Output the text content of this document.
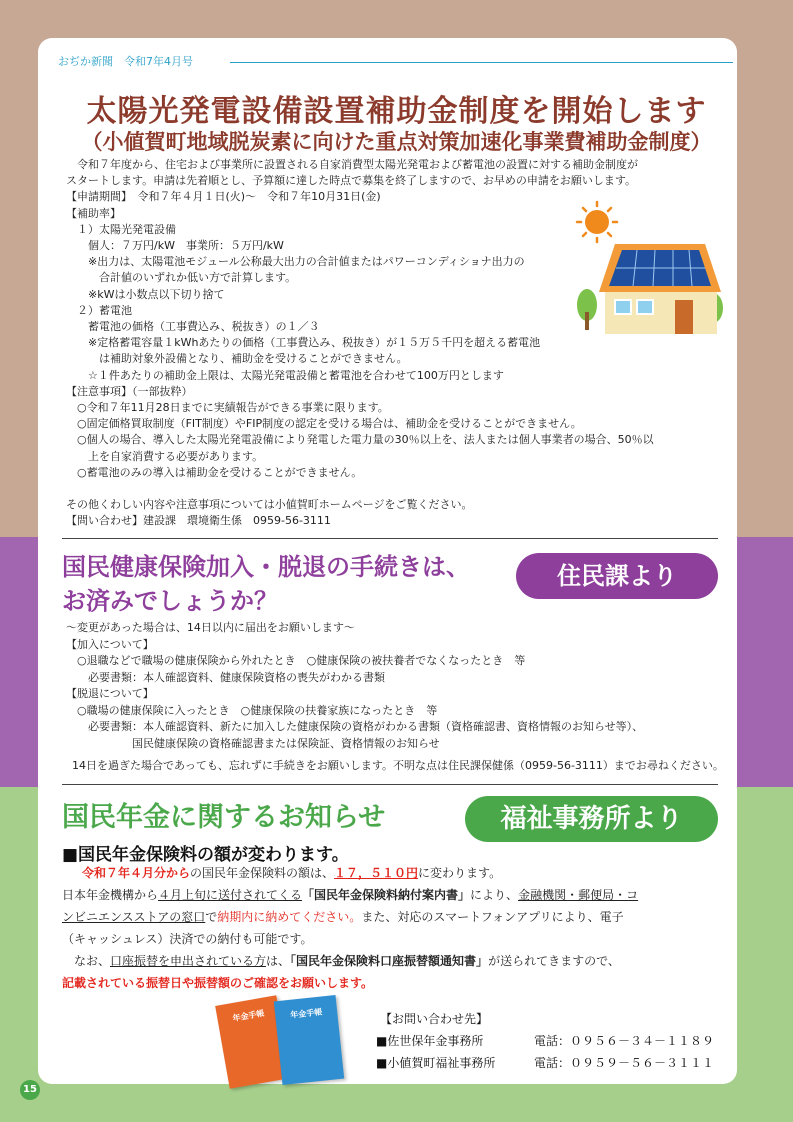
おぢか新聞　令和7年4月号
太陽光発電設備設置補助金制度を開始します
（小値賀町地域脱炭素に向けた重点対策加速化事業費補助金制度）
　令和７年度から、住宅および事業所に設置される自家消費型太陽光発電および蓄電池の設置に対する補助金制度が
スタートします。申請は先着順とし、予算額に達した時点で募集を終了しますので、お早めの申請をお願いします。
【申請期間】　令和７年４月１日(火)～　令和７年10月31日(金)
【補助率】
　１）太陽光発電設備
　　個人：７万円/kW　事業所：５万円/kW
　　※出力は、太陽電池モジュール公称最大出力の合計値またはパワーコンディショナ出力の
　　　合計値のいずれか低い方で計算します。
　　※kWは小数点以下切り捨て
　２）蓄電池
　　蓄電池の価格（工事費込み、税抜き）の１／３
　　※定格蓄電容量１kWhあたりの価格（工事費込み、税抜き）が１５万５千円を超える蓄電池
　　　は補助対象外設備となり、補助金を受けることができません。
　　☆１件あたりの補助金上限は、太陽光発電設備と蓄電池を合わせて100万円とします
【注意事項】（一部抜粋）
　○令和７年11月28日までに実績報告ができる事業に限ります。
　○固定価格買取制度（FIT制度）やFIP制度の認定を受ける場合は、補助金を受けることができません。
　○個人の場合、導入した太陽光発電設備により発電した電力量の30％以上を、法人または個人事業者の場合、50％以
　　上を自家消費する必要があります。
　○蓄電池のみの導入は補助金を受けることができません。
その他くわしい内容や注意事項については小値賀町ホームページをご覧ください。
【問い合わせ】建設課　環境衛生係　0959-56-3111
国民健康保険加入・脱退の手続きは、
お済みでしょうか？
住民課より
～変更があった場合は、14日以内に届出をお願いします～
【加入について】
　○退職などで職場の健康保険から外れたとき　○健康保険の被扶養者でなくなったとき　等
　　必要書類：本人確認資料、健康保険資格の喪失がわかる書類
【脱退について】
　○職場の健康保険に入ったとき　○健康保険の扶養家族になったとき　等
　　必要書類：本人確認資料、新たに加入した健康保険の資格がわかる書類（資格確認書、資格情報のお知らせ等）、
　　　　　　国民健康保険の資格確認書または保険証、資格情報のお知らせ
14日を過ぎた場合であっても、忘れずに手続きをお願いします。不明な点は住民課保健係（0959-56-3111）までお尋ねください。
国民年金に関するお知らせ	福祉事務所より
■国民年金保険料の額が変わります。
令和７年４月分からの国民年金保険料の額は、１７，５１０円に変わります。
日本年金機構から４月上旬に送付されてくる「国民年金保険料納付案内書」により、金融機関・郵便局・コ
ンビニエンスストアの窓口で納期内に納めてください。また、対応のスマートフォンアプリにより、電子
（キャッシュレス）決済での納付も可能です。
　なお、口座振替を申出されている方は、「国民年金保険料口座振替額通知書」が送られてきますので、
記載されている振替日や振替額のご確認をお願いします。
年金手帳	年金手帳	【お問い合わせ先】
■佐世保年金事務所	電話：０９５６－３４－１１８９
■小値賀町福祉事務所	電話：０９５９－５６－３１１１
15
